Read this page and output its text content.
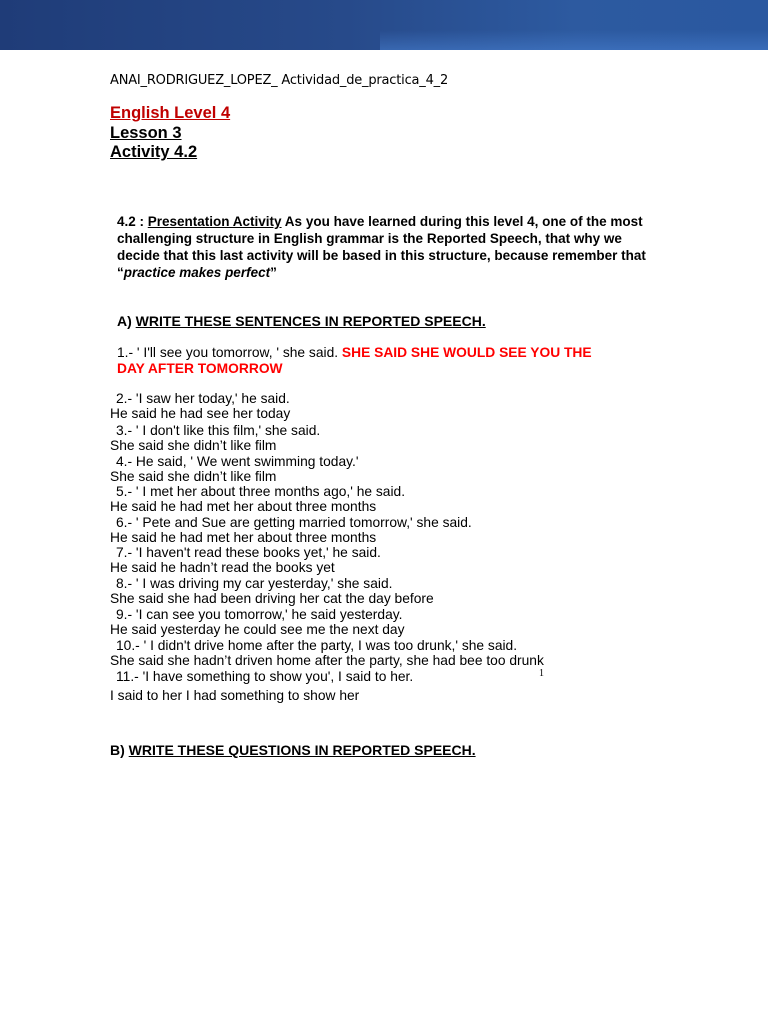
ANAI_RODRIGUEZ_LOPEZ_ Actividad_de_practica_4_2
English Level 4
Lesson 3
Activity 4.2
4.2 : Presentation Activity As you have learned during this level 4, one of the most challenging structure in English grammar is the Reported Speech, that why we decide that this last activity will be based in this structure, because remember that “practice makes perfect”
A) WRITE THESE SENTENCES IN REPORTED SPEECH.
1.- ' I'll see you tomorrow, ' she said. SHE SAID SHE WOULD SEE YOU THE
DAY AFTER TOMORROW
2.- 'I saw her today,' he said.
He said he had see her today
3.- ' I don't like this film,' she said.
She said she didn’t like film
4.- He said, ' We went swimming today.'
She said she didn’t like film
5.- ' I met her about three months ago,' he said.
He said he had met her about three months
6.- ' Pete and Sue are getting married tomorrow,' she said.
He said he had met her about three months
7.- 'I haven't read these books yet,' he said.
He said he hadn’t read the books yet
8.- ' I was driving my car yesterday,' she said.
She said she had been driving her cat the day before
9.- 'I can see you tomorrow,' he said yesterday.
He said yesterday he could see me the next day
10.- ' I didn't drive home after the party, I was too drunk,' she said.
She said she hadn’t driven home after the party, she had bee too drunk
11.- 'I have something to show you', I said to her.	1
I said to her I had something to show her
B) WRITE THESE QUESTIONS IN REPORTED SPEECH.
